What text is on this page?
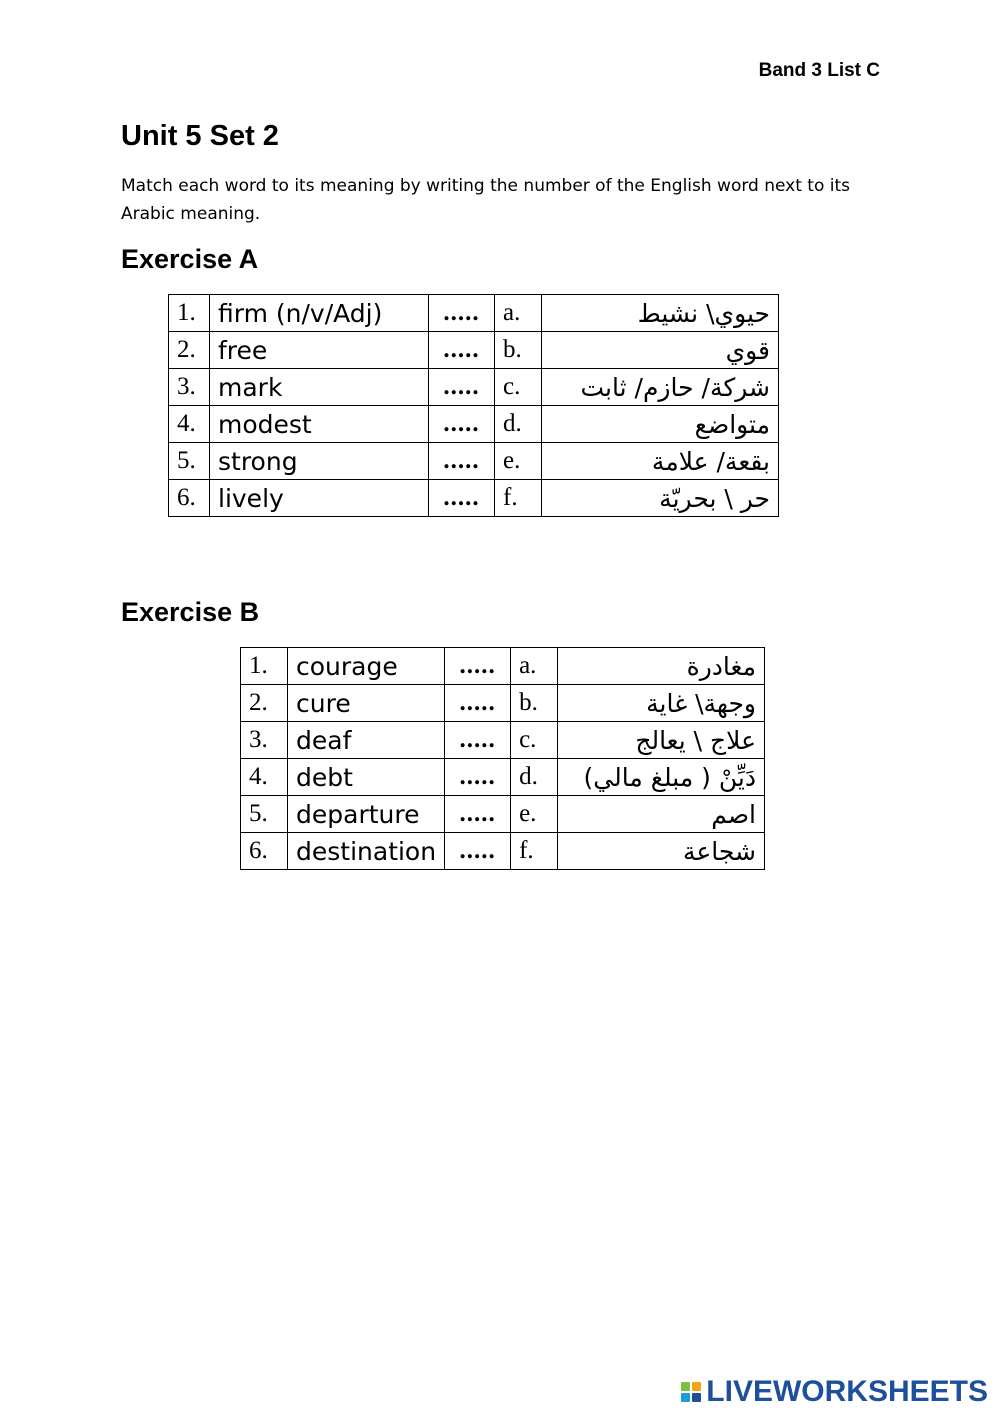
Band 3 List C
Unit 5 Set 2

Match each word to its meaning by writing the number of the English word next to its Arabic meaning.

Exercise A
1.	firm (n/v/Adj)	.....	a.	حيوي\ نشيط
2.	free	.....	b.	قوي
3.	mark	.....	c.	شركة/ حازم/ ثابت
4.	modest	.....	d.	متواضع
5.	strong	.....	e.	بقعة/ علامة
6.	lively	.....	f.	حر \ بحريّة
Exercise B
1.	courage	.....	a.	مغادرة
2.	cure	.....	b.	وجهة\ غاية
3.	deaf	.....	c.	علاج \ يعالج
4.	debt	.....	d.	دَيِّنْ ( مبلغ مالي)
5.	departure	.....	e.	اصم
6.	destination	.....	f.	شجاعة
LIVEWORKSHEETS
